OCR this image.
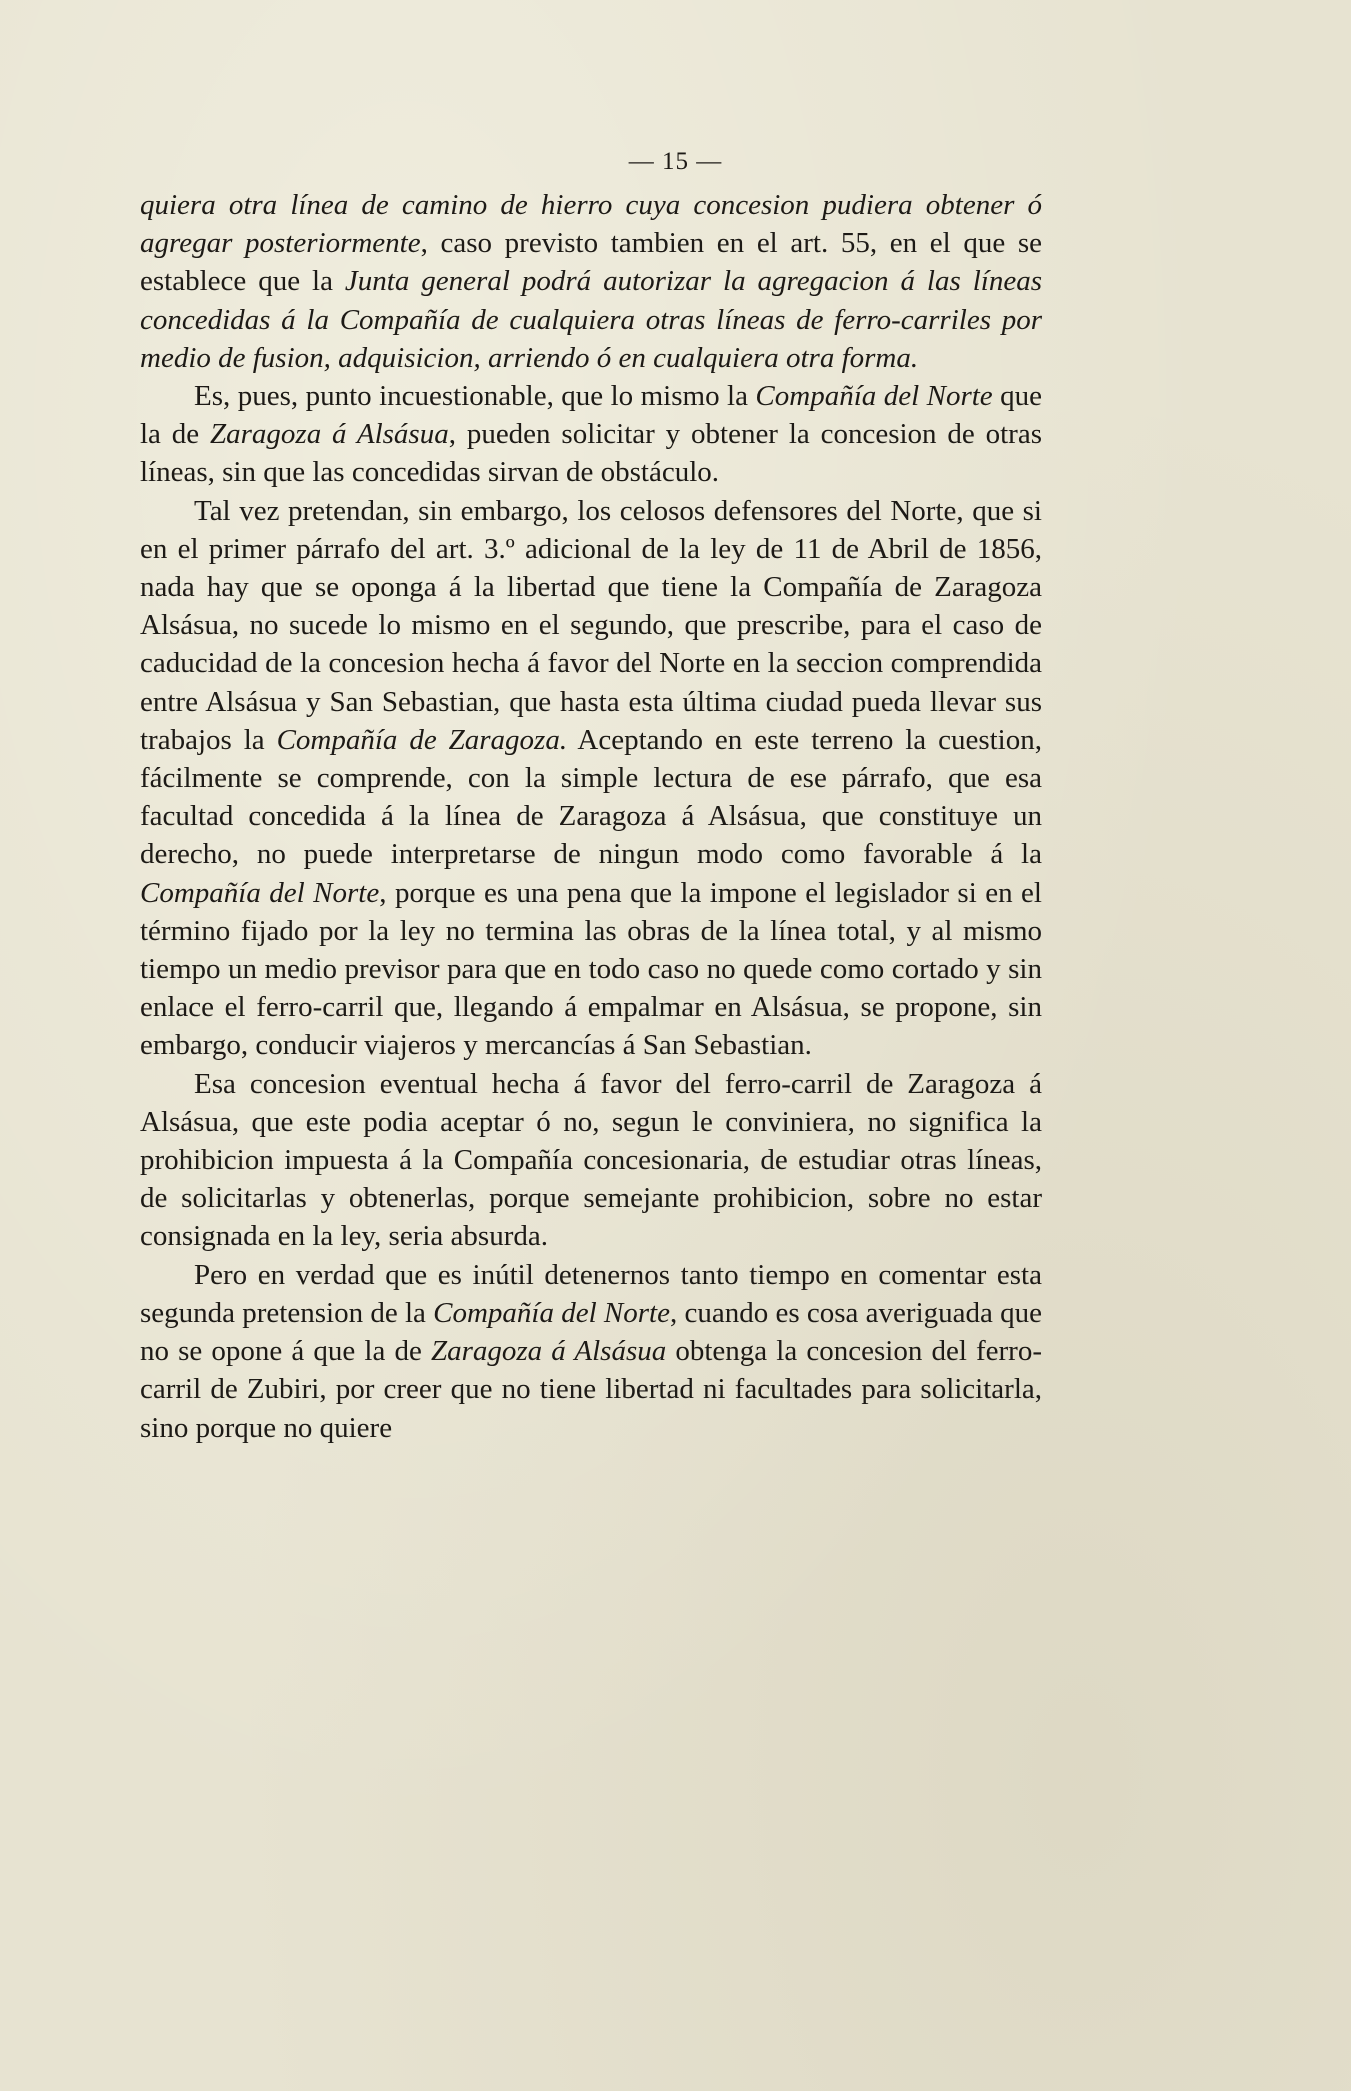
— 15 —

quiera otra línea de camino de hierro cuya concesion pudiera obtener ó agregar posteriormente, caso previsto tambien en el art. 55, en el que se establece que la Junta general podrá autorizar la agregacion á las líneas concedidas á la Compañía de cualquiera otras líneas de ferro-carriles por medio de fusion, adquisicion, arriendo ó en cualquiera otra forma.

Es, pues, punto incuestionable, que lo mismo la Compañía del Norte que la de Zaragoza á Alsásua, pueden solicitar y obtener la concesion de otras líneas, sin que las concedidas sirvan de obstáculo.

Tal vez pretendan, sin embargo, los celosos defensores del Norte, que si en el primer párrafo del art. 3.º adicional de la ley de 11 de Abril de 1856, nada hay que se oponga á la libertad que tiene la Compañía de Zaragoza Alsásua, no sucede lo mismo en el segundo, que prescribe, para el caso de caducidad de la concesion hecha á favor del Norte en la seccion comprendida entre Alsásua y San Sebastian, que hasta esta última ciudad pueda llevar sus trabajos la Compañía de Zaragoza. Aceptando en este terreno la cuestion, fácilmente se comprende, con la simple lectura de ese párrafo, que esa facultad concedida á la línea de Zaragoza á Alsásua, que constituye un derecho, no puede interpretarse de ningun modo como favorable á la Compañía del Norte, porque es una pena que la impone el legislador si en el término fijado por la ley no termina las obras de la línea total, y al mismo tiempo un medio previsor para que en todo caso no quede como cortado y sin enlace el ferro-carril que, llegando á empalmar en Alsásua, se propone, sin embargo, conducir viajeros y mercancías á San Sebastian.

Esa concesion eventual hecha á favor del ferro-carril de Zaragoza á Alsásua, que este podia aceptar ó no, segun le conviniera, no significa la prohibicion impuesta á la Compañía concesionaria, de estudiar otras líneas, de solicitarlas y obtenerlas, porque semejante prohibicion, sobre no estar consignada en la ley, seria absurda.

Pero en verdad que es inútil detenernos tanto tiempo en comentar esta segunda pretension de la Compañía del Norte, cuando es cosa averiguada que no se opone á que la de Zaragoza á Alsásua obtenga la concesion del ferro-carril de Zubiri, por creer que no tiene libertad ni facultades para solicitarla, sino porque no quiere
